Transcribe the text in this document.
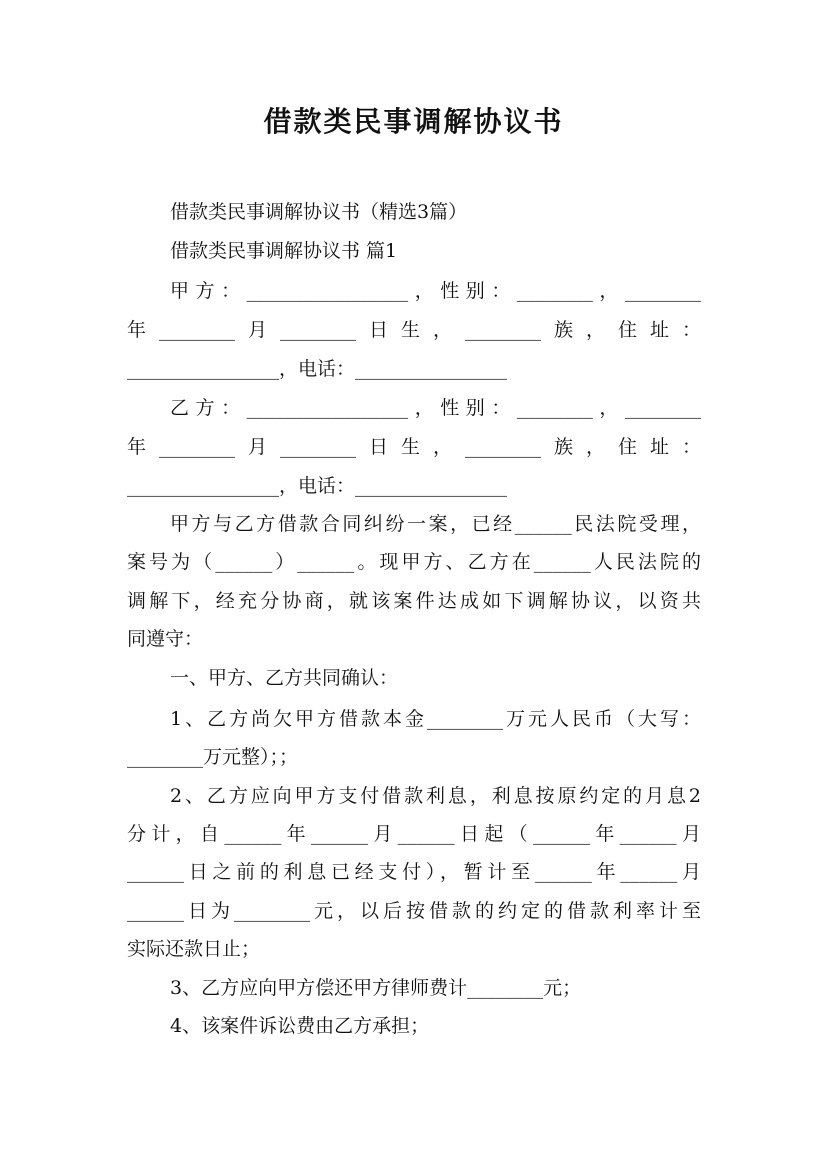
借款类民事调解协议书
借款类民事调解协议书（精选3篇）
借款类民事调解协议书 篇1
甲方：_________________，性别：________，________
年________月________日生，________族，住址：
________________，电话：________________
乙方：_________________，性别：________，________
年________月________日生，________族，住址：
________________，电话：________________
甲方与乙方借款合同纠纷一案，已经______民法院受理，
案号为（______）______。现甲方、乙方在______人民法院的
调解下，经充分协商，就该案件达成如下调解协议，以资共
同遵守：
一、甲方、乙方共同确认：
1、乙方尚欠甲方借款本金________万元人民币（大写：
________万元整）；；
2、乙方应向甲方支付借款利息，利息按原约定的月息2
分计，自______年______月______日起（______年______月
______日之前的利息已经支付），暂计至______年______月
______日为________元，以后按借款的约定的借款利率计至
实际还款日止；
3、乙方应向甲方偿还甲方律师费计________元；
4、该案件诉讼费由乙方承担；
